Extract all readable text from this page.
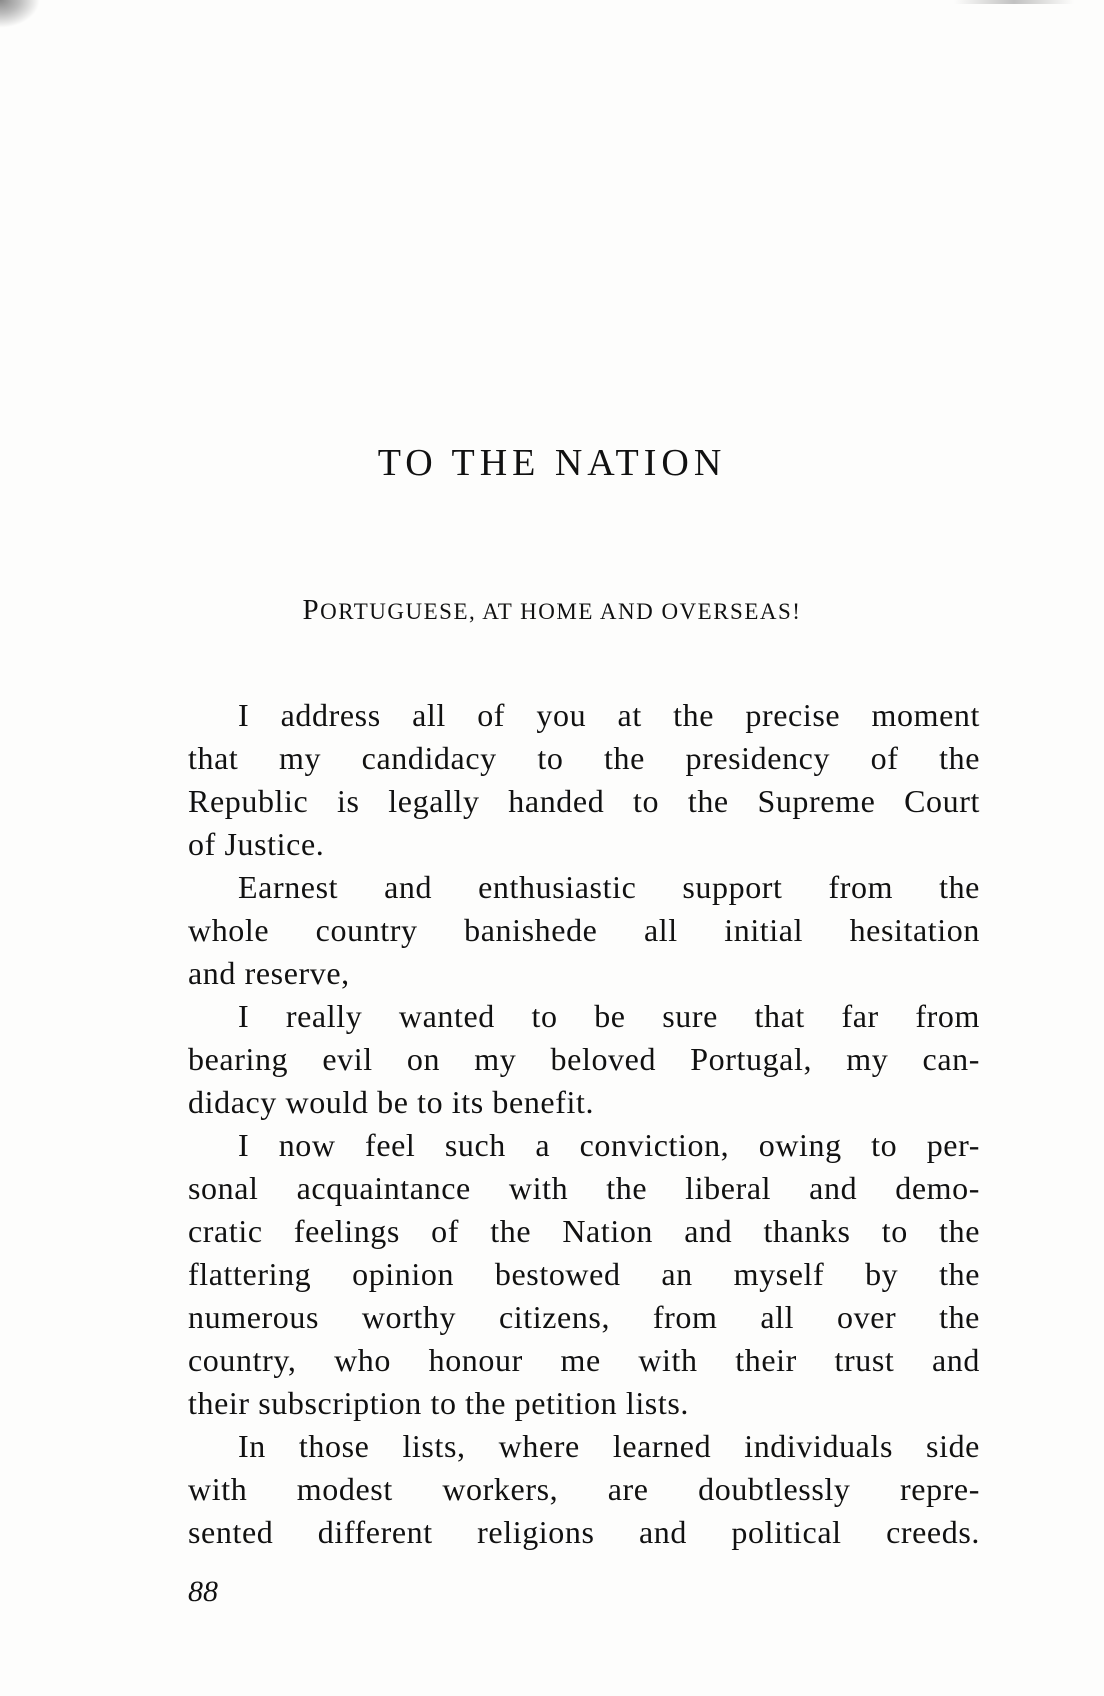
TO THE NATION
PORTUGUESE, AT HOME AND OVERSEAS!
I address all of you at the precise moment
that my candidacy to the presidency of the
Republic is legally handed to the Supreme Court
of Justice.
Earnest and enthusiastic support from the
whole country banishede all initial hesitation
and reserve,
I really wanted to be sure that far from
bearing evil on my beloved Portugal, my can-
didacy would be to its benefit.
I now feel such a conviction, owing to per-
sonal acquaintance with the liberal and demo-
cratic feelings of the Nation and thanks to the
flattering opinion bestowed an myself by the
numerous worthy citizens, from all over the
country, who honour me with their trust and
their subscription to the petition lists.
In those lists, where learned individuals side
with modest workers, are doubtlessly repre-
sented different religions and political creeds.
88
